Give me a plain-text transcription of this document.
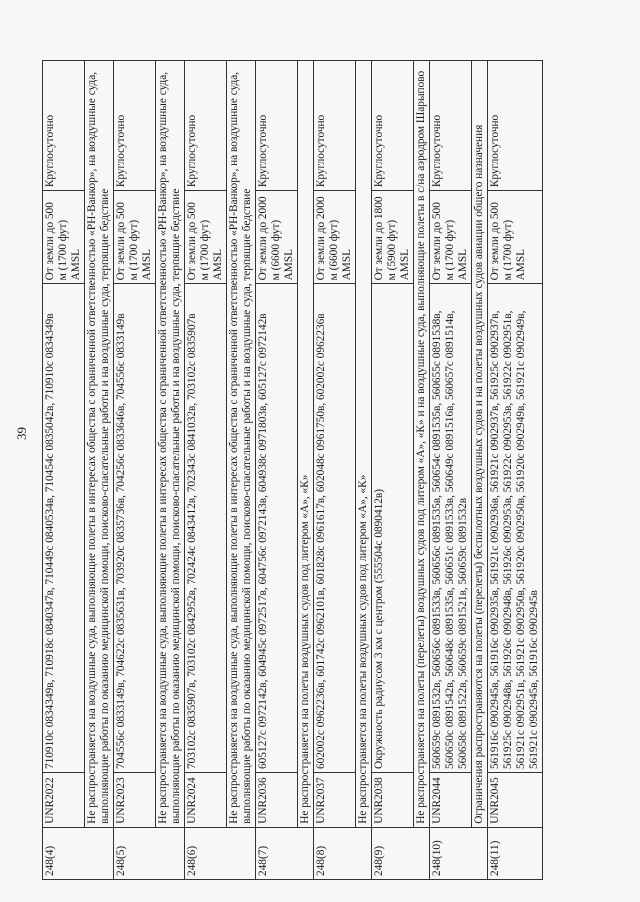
39
248(4)	UNR2022	710910с 0834349в, 710918с 0840347в, 710449с 0840534в, 710454с 0835042в, 710910с 0834349в	От земли до 500 м (1700 фут) AMSL	Круглосуточно
	Не распространяется на воздушные суда, выполняющие полеты в интересах общества с ограниченной ответственностью «РН-Ванкор», на воздушные суда, выполняющие работы по оказанию медицинской помощи, поисково-спасательные работы и на воздушные суда, терпящие бедствие			
248(5)	UNR2023	704556с 0833149в, 704622с 0835631в, 703920с 0835736в, 704256с 0833646в, 704556с 0833149в	От земли до 500 м (1700 фут) AMSL	Круглосуточно
	Не распространяется на воздушные суда, выполняющие полеты в интересах общества с ограниченной ответственностью «РН-Ванкор», на воздушные суда, выполняющие работы по оказанию медицинской помощи, поисково-спасательные работы и на воздушные суда, терпящие бедствие			
248(6)	UNR2024	703102с 0835907в, 703102с 0842952в, 702424с 0843412в, 702343с 0841032в, 703102с 0835907в	От земли до 500 м (1700 фут) AMSL	Круглосуточно
	Не распространяется на воздушные суда, выполняющие полеты в интересах общества с ограниченной ответственностью «РН-Ванкор», на воздушные суда, выполняющие работы по оказанию медицинской помощи, поисково-спасательные работы и на воздушные суда, терпящие бедствие			
248(7)	UNR2036	605127с 0972142в, 604945с 0972517в, 604756с 0972143в, 604938с 0971803в, 605127с 0972142в	От земли до 2000 м (6600 фут) AMSL	Круглосуточно
	Не распространяется на полеты воздушных судов под литером «А», «К»			
248(8)	UNR2037	602002с 0962236в, 601742с 0962101в, 601828с 0961617в, 602048с 0961750в, 602002с 0962236в	От земли до 2000 м (6600 фут) AMSL	Круглосуточно
	Не распространяется на полеты воздушных судов под литером «А», «К»			
248(9)	UNR2038	Окружность радиусом 3 км с центром (555504с 0890412в)	От земли до 1800 м (5900 фут) AMSL	Круглосуточно
	Не распространяется на полеты (перелеты) воздушных судов под литером «А», «К» и на воздушные суда, выполняющие полеты в с/на аэродром Шарыпово			
248(10)	UNR2044	560659с 0891532в, 560656с 0891533в, 560656с 0891535в, 560654с 0891535в, 560655с 0891538в, 560650с 0891542в, 560648с 0891535в, 560651с 0891533в, 560649с 0891516в, 560657с 0891514в, 560658с 0891522в, 560659с 0891521в, 560659с 0891532в	От земли до 500 м (1700 фут) AMSL	Круглосуточно
	Ограничения распространяются на полеты (перелеты) беспилотных воздушных судов и на полеты воздушных судов авиации общего назначения			
248(11)	UNR2045	561916с 0902945в, 561916с 0902935в, 561921с 0902936в, 561921с 0902937в, 561925с 0902937в, 561925с 0902948в, 561926с 0902948в, 561926с 0902953в, 561922с 0902953в, 561922с 0902951в, 561921с 0902951в, 561921с 0902950в, 561920с 0902950в, 561920с 0902949в, 561921с 0902949в, 561921с 0902945в, 561916с 0902945в	От земли до 500 м (1700 фут) AMSL	Круглосуточно
